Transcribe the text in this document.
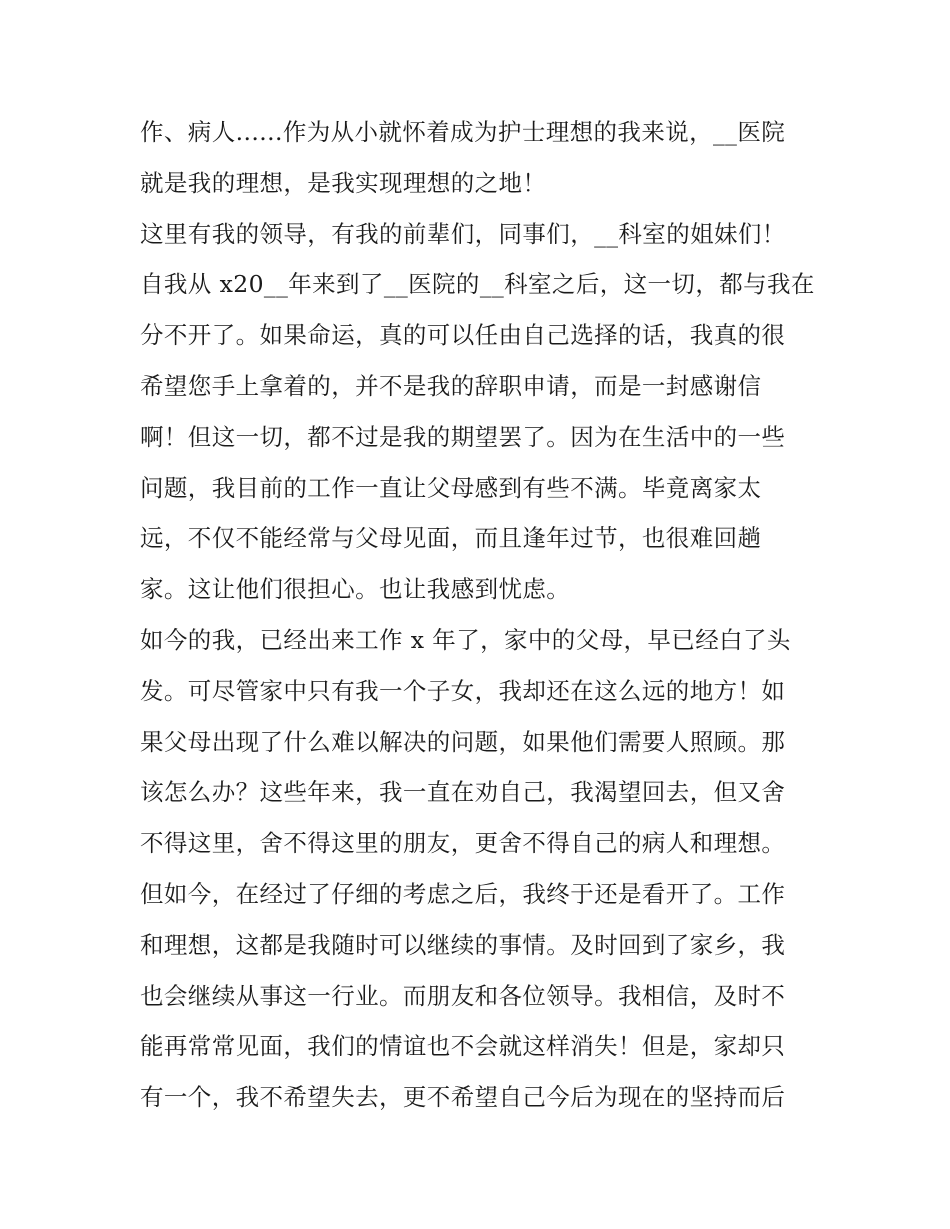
作、病人......作为从小就怀着成为护士理想的我来说，__医院
就是我的理想，是我实现理想的之地！
这里有我的领导，有我的前辈们，同事们，__科室的姐妹们！
自我从 x20__年来到了__医院的__科室之后，这一切，都与我在
分不开了。如果命运，真的可以任由自己选择的话，我真的很
希望您手上拿着的，并不是我的辞职申请，而是一封感谢信
啊！但这一切，都不过是我的期望罢了。因为在生活中的一些
问题，我目前的工作一直让父母感到有些不满。毕竟离家太
远，不仅不能经常与父母见面，而且逢年过节，也很难回趟
家。这让他们很担心。也让我感到忧虑。
如今的我，已经出来工作 x 年了，家中的父母，早已经白了头
发。可尽管家中只有我一个子女，我却还在这么远的地方！如
果父母出现了什么难以解决的问题，如果他们需要人照顾。那
该怎么办？这些年来，我一直在劝自己，我渴望回去，但又舍
不得这里，舍不得这里的朋友，更舍不得自己的病人和理想。
但如今，在经过了仔细的考虑之后，我终于还是看开了。工作
和理想，这都是我随时可以继续的事情。及时回到了家乡，我
也会继续从事这一行业。而朋友和各位领导。我相信，及时不
能再常常见面，我们的情谊也不会就这样消失！但是，家却只
有一个，我不希望失去，更不希望自己今后为现在的坚持而后
